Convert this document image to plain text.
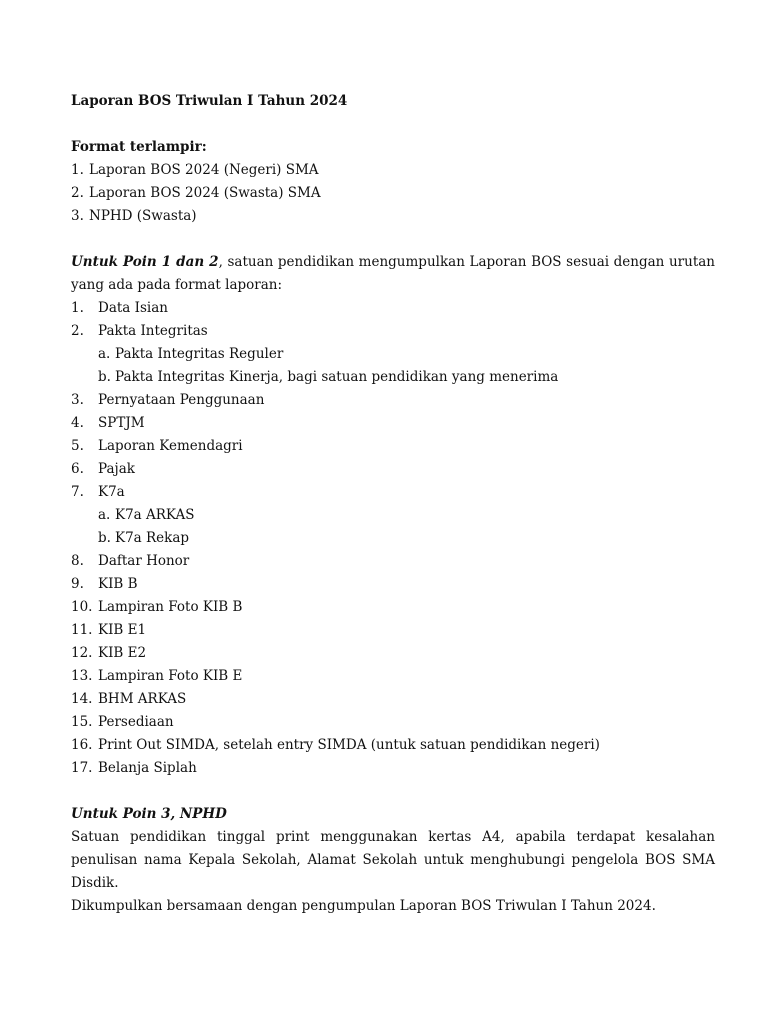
Laporan BOS Triwulan I Tahun 2024
Format terlampir:
1. Laporan BOS 2024 (Negeri) SMA
2. Laporan BOS 2024 (Swasta) SMA
3. NPHD (Swasta)
Untuk Poin 1 dan 2, satuan pendidikan mengumpulkan Laporan BOS sesuai dengan urutan
yang ada pada format laporan:
1.	Data Isian
2.	Pakta Integritas
a. Pakta Integritas Reguler
b. Pakta Integritas Kinerja, bagi satuan pendidikan yang menerima
3.	Pernyataan Penggunaan
4.	SPTJM
5.	Laporan Kemendagri
6.	Pajak
7.	K7a
a. K7a ARKAS
b. K7a Rekap
8.	Daftar Honor
9.	KIB B
10. Lampiran Foto KIB B
11. KIB E1
12. KIB E2
13. Lampiran Foto KIB E
14. BHM ARKAS
15. Persediaan
16. Print Out SIMDA, setelah entry SIMDA (untuk satuan pendidikan negeri)
17. Belanja Siplah
Untuk Poin 3, NPHD
Satuan pendidikan tinggal print menggunakan kertas A4, apabila terdapat kesalahan penulisan nama Kepala Sekolah, Alamat Sekolah untuk menghubungi pengelola BOS SMA Disdik.
Dikumpulkan bersamaan dengan pengumpulan Laporan BOS Triwulan I Tahun 2024.
